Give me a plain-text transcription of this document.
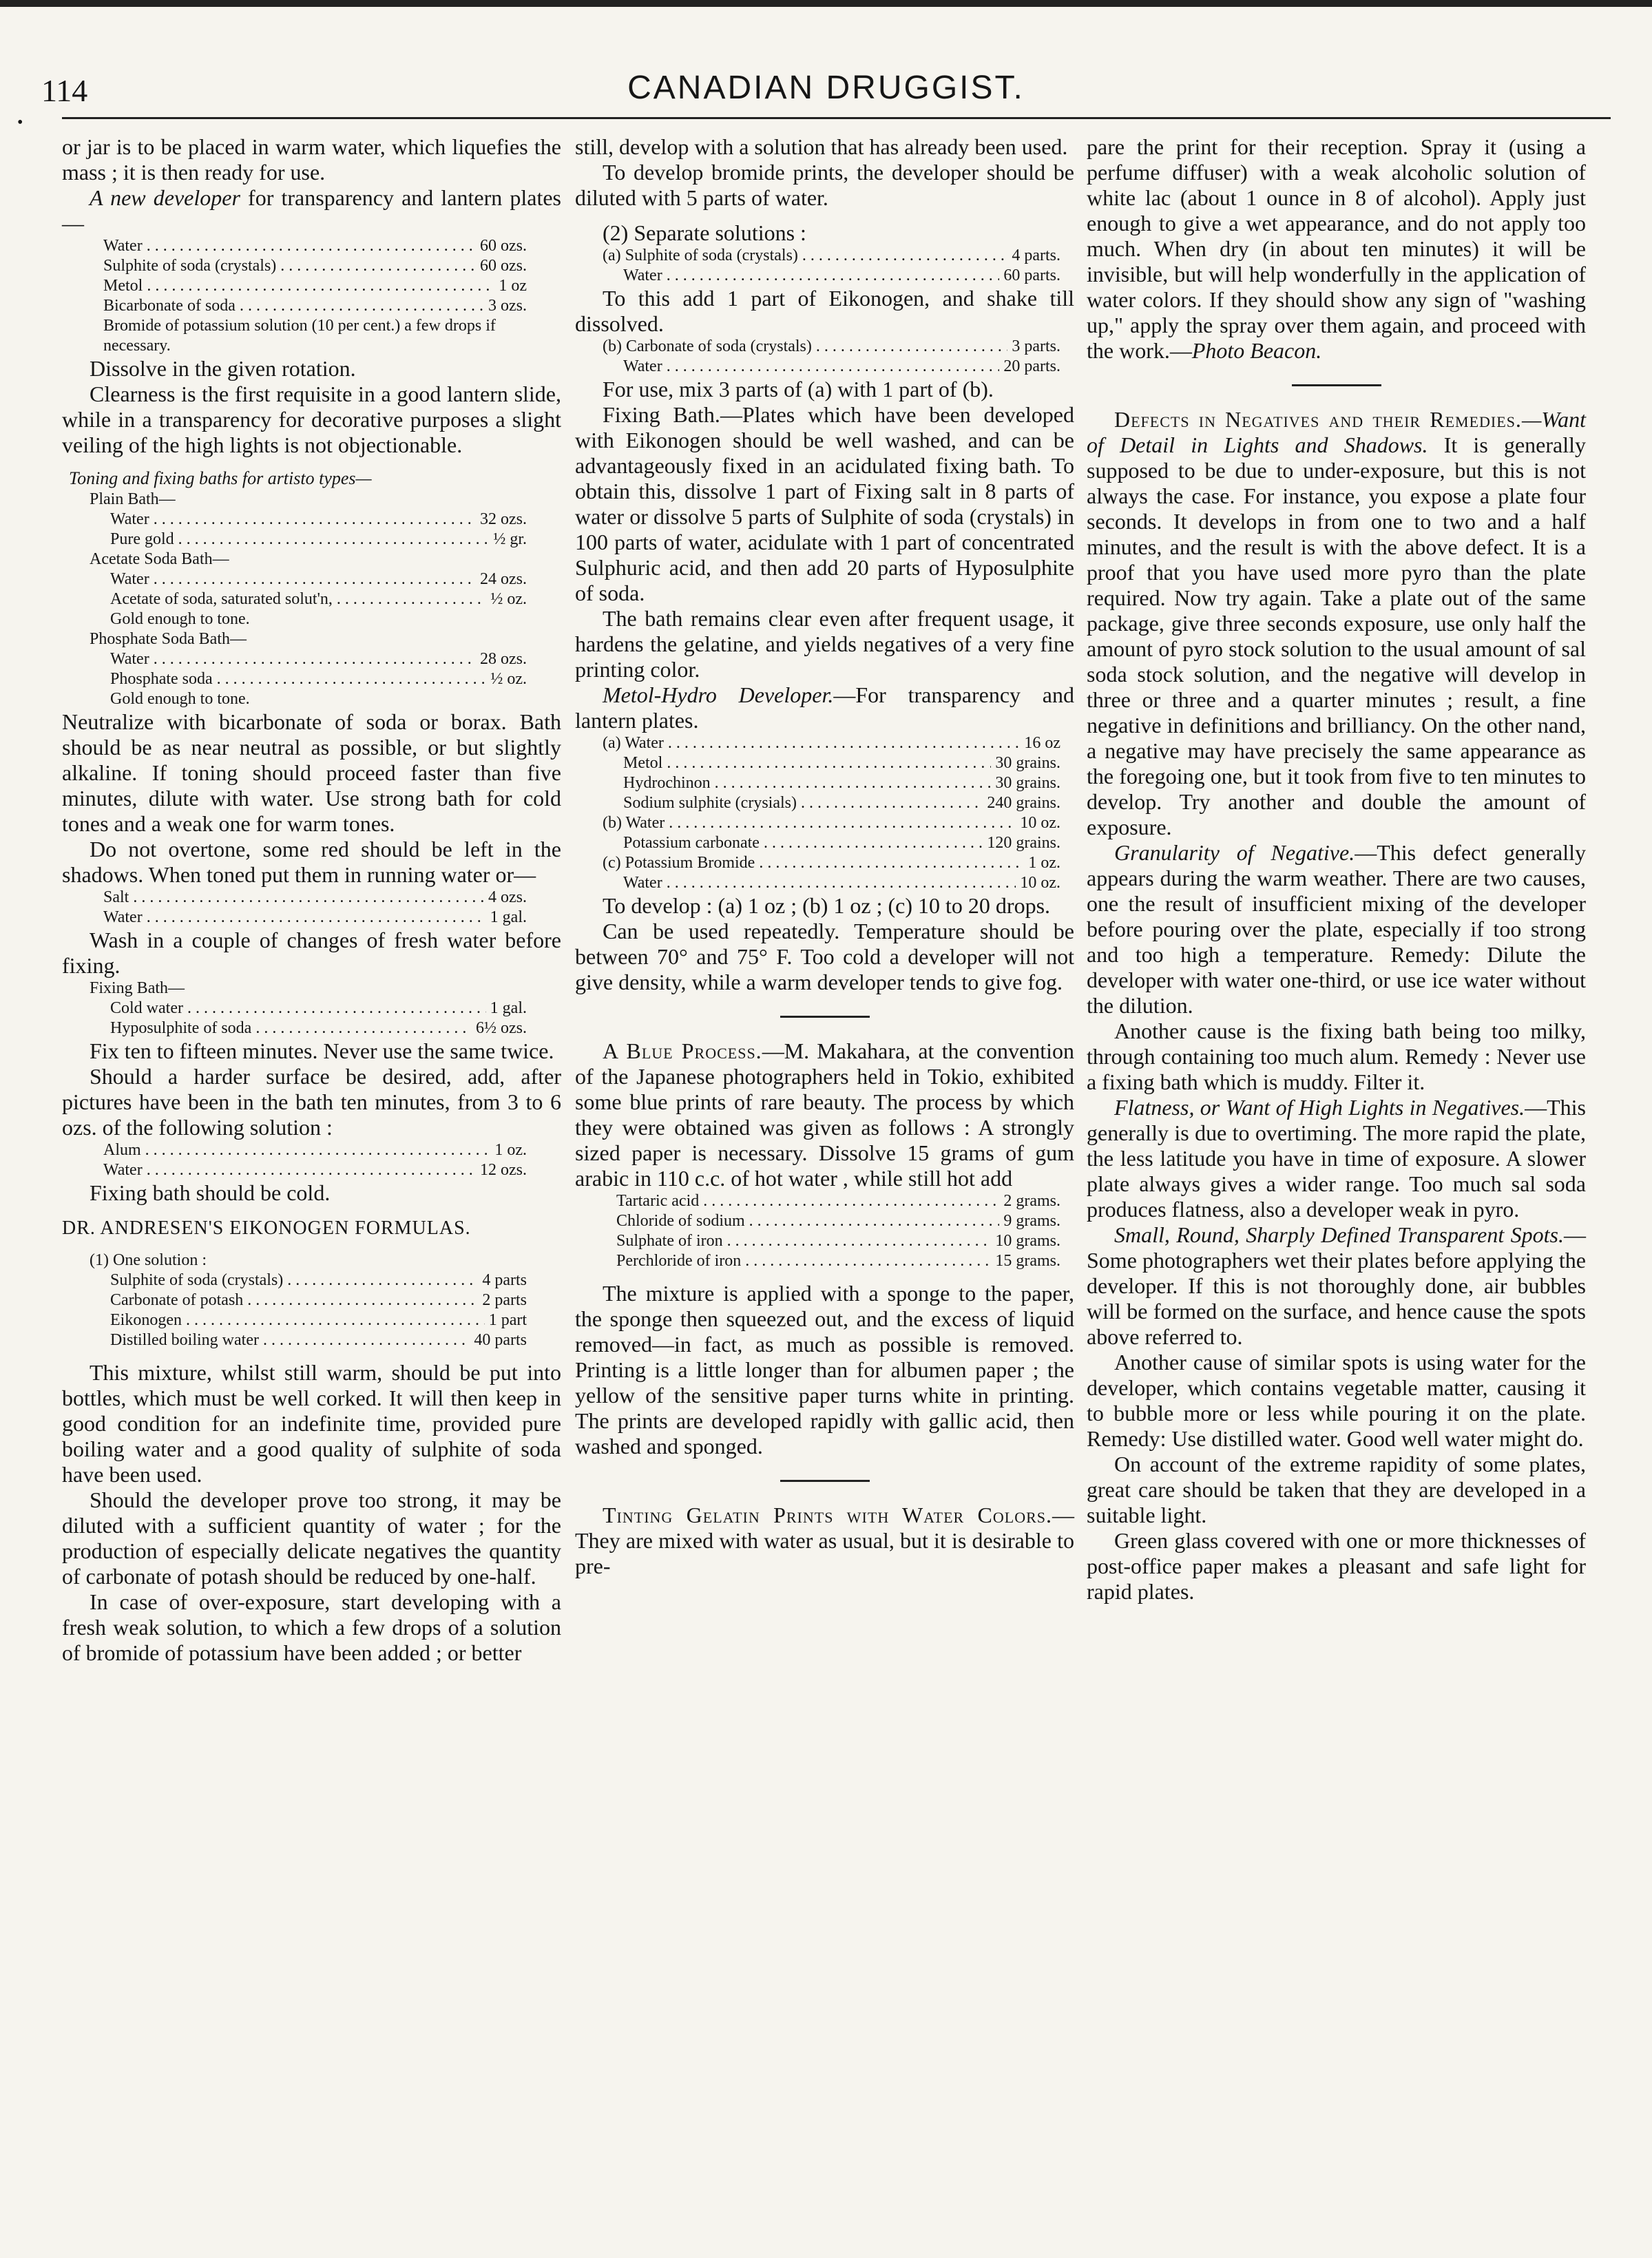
114	CANADIAN DRUGGIST.
•

or jar is to be placed in warm water, which liquefies the mass ; it is then ready for use.

A new developer for transparency and lantern plates—

Water . . .	60 ozs.
Sulphite of soda (crystals) . . .	60 ozs.
Metol . . .	1 oz
Bicarbonate of soda . . .	3 ozs.
Bromide of potassium solution (10 per cent.) a few drops if necessary.

Dissolve in the given rotation.

Clearness is the first requisite in a good lantern slide, while in a transparency for decorative purposes a slight veiling of the high lights is not objectionable.

Toning and fixing baths for artisto types—
Plain Bath—
Water . . .	32 ozs.
Pure gold . . .	½ gr.
Acetate Soda Bath—
Water . . .	24 ozs.
Acetate of soda, saturated solut'n, . . .	½ oz.
Gold enough to tone.
Phosphate Soda Bath—
Water . . .	28 ozs.
Phosphate soda . . .	½ oz.
Gold enough to tone.

Neutralize with bicarbonate of soda or borax. Bath should be as near neutral as possible, or but slightly alkaline. If toning should proceed faster than five minutes, dilute with water. Use strong bath for cold tones and a weak one for warm tones.

Do not overtone, some red should be left in the shadows. When toned put them in running water or—

Salt . . .	4 ozs.
Water . . .	1 gal.

Wash in a couple of changes of fresh water before fixing.

Fixing Bath—
Cold water . . .	1 gal.
Hyposulphite of soda . . .	6½ ozs.

Fix ten to fifteen minutes. Never use the same twice.

Should a harder surface be desired, add, after pictures have been in the bath ten minutes, from 3 to 6 ozs. of the following solution :

Alum . . .	1 oz.
Water . . .	12 ozs.

Fixing bath should be cold.

DR. ANDRESEN'S EIKONOGEN FORMULAS.

(1) One solution :
Sulphite of soda (crystals) . . .	4 parts
Carbonate of potash . . .	2 parts
Eikonogen . . .	1 part
Distilled boiling water . . .	40 parts

This mixture, whilst still warm, should be put into bottles, which must be well corked. It will then keep in good condition for an indefinite time, provided pure boiling water and a good quality of sulphite of soda have been used.

Should the developer prove too strong, it may be diluted with a sufficient quantity of water ; for the production of especially delicate negatives the quantity of carbonate of potash should be reduced by one-half.

In case of over-exposure, start developing with a fresh weak solution, to which a few drops of a solution of bromide of potassium have been added ; or better

still, develop with a solution that has already been used.

To develop bromide prints, the developer should be diluted with 5 parts of water.

(2) Separate solutions :

(a) Sulphite of soda (crystals) . . .	4 parts.
Water . . .	60 parts.

To this add 1 part of Eikonogen, and shake till dissolved.

(b) Carbonate of soda (crystals) . . .	3 parts.
Water . . .	20 parts.

For use, mix 3 parts of (a) with 1 part of (b).

Fixing Bath.—Plates which have been developed with Eikonogen should be well washed, and can be advantageously fixed in an acidulated fixing bath. To obtain this, dissolve 1 part of Fixing salt in 8 parts of water or dissolve 5 parts of Sulphite of soda (crystals) in 100 parts of water, acidulate with 1 part of concentrated Sulphuric acid, and then add 20 parts of Hyposulphite of soda.

The bath remains clear even after frequent usage, it hardens the gelatine, and yields negatives of a very fine printing color.

Metol-Hydro Developer.—For transparency and lantern plates.

(a) Water . . .	16 oz
Metol . . .	30 grains.
Hydrochinon . . .	30 grains.
Sodium sulphite (crysials) . . .	240 grains.
(b) Water . . .	10 oz.
Potassium carbonate . . .	120 grains.
(c) Potassium Bromide . . .	1 oz.
Water . . .	10 oz.

To develop : (a) 1 oz ; (b) 1 oz ; (c) 10 to 20 drops.

Can be used repeatedly. Temperature should be between 70° and 75° F. Too cold a developer will not give density, while a warm developer tends to give fog.

A Blue Process.—M. Makahara, at the convention of the Japanese photographers held in Tokio, exhibited some blue prints of rare beauty. The process by which they were obtained was given as follows : A strongly sized paper is necessary. Dissolve 15 grams of gum arabic in 110 c.c. of hot water , while still hot add

Tartaric acid . . .	2 grams.
Chloride of sodium . . .	9 grams.
Sulphate of iron . . .	10 grams.
Perchloride of iron . . .	15 grams.

The mixture is applied with a sponge to the paper, the sponge then squeezed out, and the excess of liquid removed—in fact, as much as possible is removed. Printing is a little longer than for albumen paper ; the yellow of the sensitive paper turns white in printing. The prints are developed rapidly with gallic acid, then washed and sponged.

Tinting Gelatin Prints with Water Colors.—They are mixed with water as usual, but it is desirable to pre-

pare the print for their reception. Spray it (using a perfume diffuser) with a weak alcoholic solution of white lac (about 1 ounce in 8 of alcohol). Apply just enough to give a wet appearance, and do not apply too much. When dry (in about ten minutes) it will be invisible, but will help wonderfully in the application of water colors. If they should show any sign of "washing up," apply the spray over them again, and proceed with the work.—Photo Beacon.

Defects in Negatives and their Remedies.—Want of Detail in Lights and Shadows. It is generally supposed to be due to under-exposure, but this is not always the case. For instance, you expose a plate four seconds. It develops in from one to two and a half minutes, and the result is with the above defect. It is a proof that you have used more pyro than the plate required. Now try again. Take a plate out of the same package, give three seconds exposure, use only half the amount of pyro stock solution to the usual amount of sal soda stock solution, and the negative will develop in three or three and a quarter minutes ; result, a fine negative in definitions and brilliancy. On the other nand, a negative may have precisely the same appearance as the foregoing one, but it took from five to ten minutes to develop. Try another and double the amount of exposure.

Granularity of Negative.—This defect generally appears during the warm weather. There are two causes, one the result of insufficient mixing of the developer before pouring over the plate, especially if too strong and too high a temperature. Remedy: Dilute the developer with water one-third, or use ice water without the dilution.

Another cause is the fixing bath being too milky, through containing too much alum. Remedy : Never use a fixing bath which is muddy. Filter it.

Flatness, or Want of High Lights in Negatives.—This generally is due to overtiming. The more rapid the plate, the less latitude you have in time of exposure. A slower plate always gives a wider range. Too much sal soda produces flatness, also a developer weak in pyro.

Small, Round, Sharply Defined Transparent Spots.—Some photographers wet their plates before applying the developer. If this is not thoroughly done, air bubbles will be formed on the surface, and hence cause the spots above referred to.

Another cause of similar spots is using water for the developer, which contains vegetable matter, causing it to bubble more or less while pouring it on the plate. Remedy: Use distilled water. Good well water might do.

On account of the extreme rapidity of some plates, great care should be taken that they are developed in a suitable light.

Green glass covered with one or more thicknesses of post-office paper makes a pleasant and safe light for rapid plates.
